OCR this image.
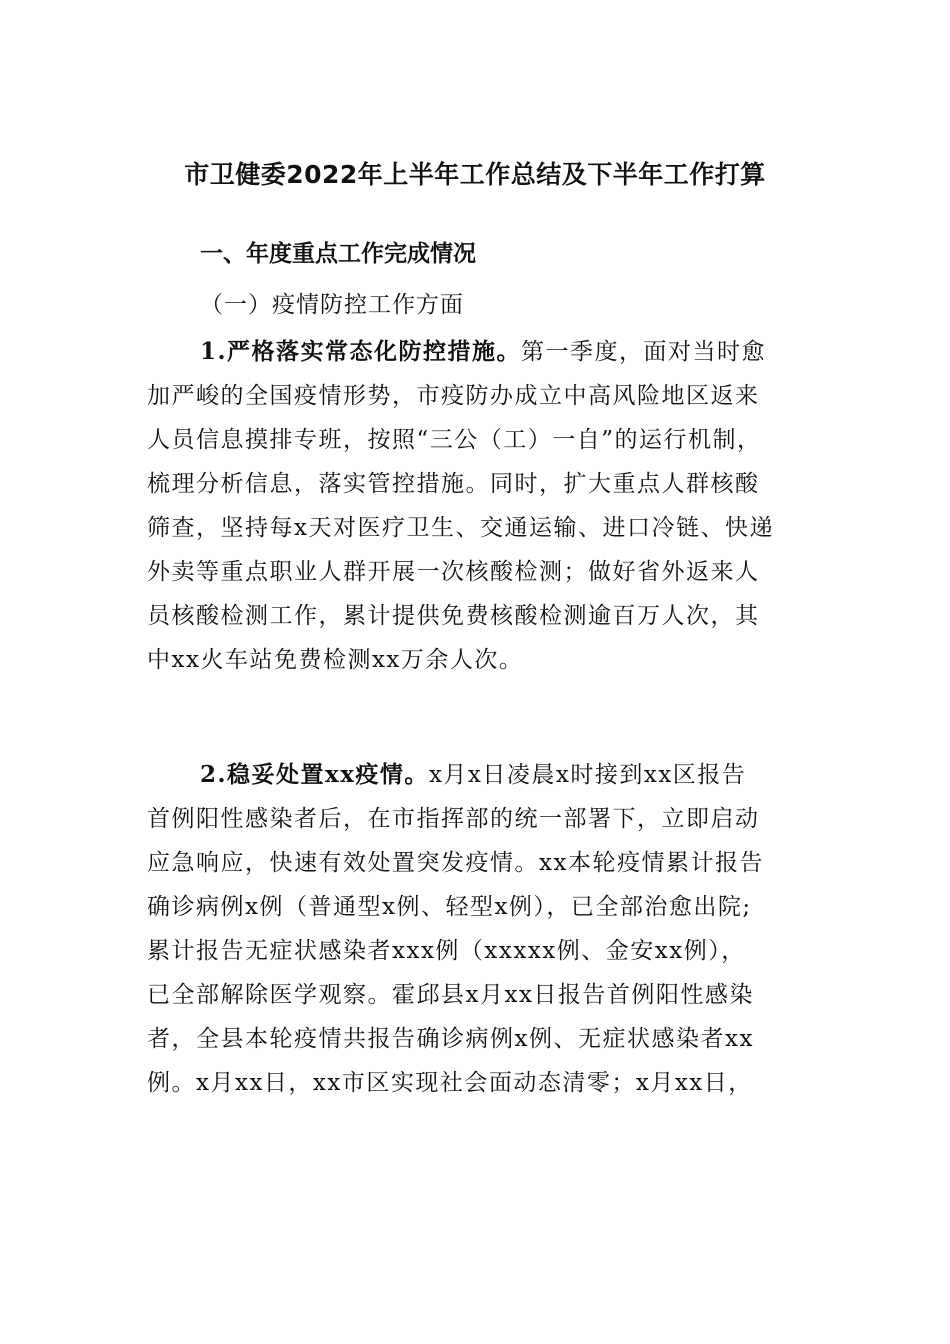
市卫健委2022年上半年工作总结及下半年工作打算
一、年度重点工作完成情况
（一）疫情防控工作方面
1.严格落实常态化防控措施。第一季度，面对当时愈
加严峻的全国疫情形势，市疫防办成立中高风险地区返来
人员信息摸排专班，按照“三公（工）一自”的运行机制，
梳理分析信息，落实管控措施。同时，扩大重点人群核酸
筛查，坚持每x天对医疗卫生、交通运输、进口冷链、快递
外卖等重点职业人群开展一次核酸检测；做好省外返来人
员核酸检测工作，累计提供免费核酸检测逾百万人次，其
中xx火车站免费检测xx万余人次。
2.稳妥处置xx疫情。x月x日凌晨x时接到xx区报告
首例阳性感染者后，在市指挥部的统一部署下，立即启动
应急响应，快速有效处置突发疫情。xx本轮疫情累计报告
确诊病例x例（普通型x例、轻型x例），已全部治愈出院;
累计报告无症状感染者xxx例（xxxxx例、金安xx例），
已全部解除医学观察。霍邱县x月xx日报告首例阳性感染
者，全县本轮疫情共报告确诊病例x例、无症状感染者xx
例。x月xx日，xx市区实现社会面动态清零；x月xx日，
